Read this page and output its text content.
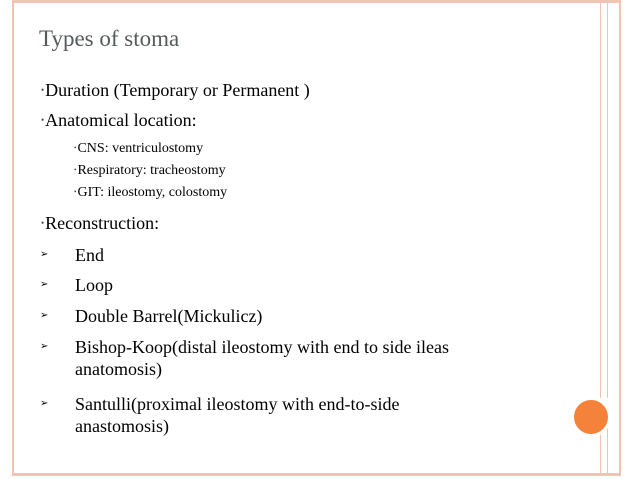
Types of stoma
•Duration (Temporary or Permanent )
•Anatomical location:
•CNS: ventriculostomy
•Respiratory: tracheostomy
•GIT: ileostomy, colostomy
•Reconstruction:
➢ End
➢ Loop
➢ Double Barrel(Mickulicz)
➢ Bishop-Koop(distal ileostomy with end to side ileas anatomosis)
➢ Santulli(proximal ileostomy with end-to-side anastomosis)
